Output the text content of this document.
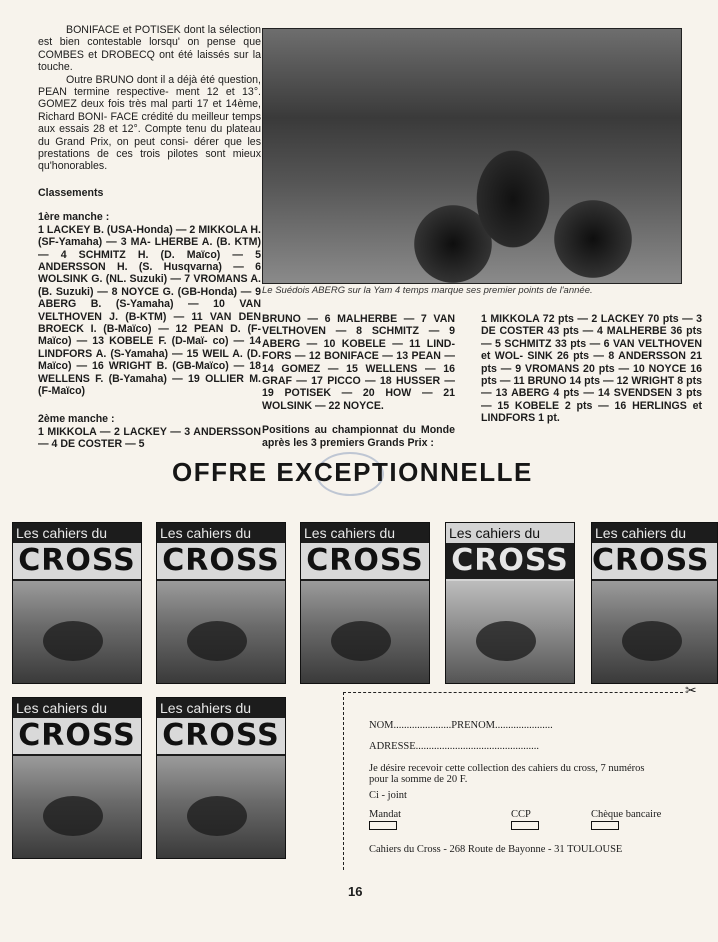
BONIFACE et POTISEK dont la sélection est bien contestable lorsqu' on pense que COMBES et DROBECQ ont été laissés sur la touche.

Outre BRUNO dont il a déjà été question, PEAN termine respective- ment 12 et 13°. GOMEZ deux fois très mal parti 17 et 14ème, Richard BONI- FACE crédité du meilleur temps aux essais 28 et 12°. Compte tenu du plateau du Grand Prix, on peut consi- dérer que les prestations de ces trois pilotes sont mieux qu'honorables.

Classements

1ère manche :

1 LACKEY B. (USA-Honda) — 2 MIKKOLA H. (SF-Yamaha) — 3 MA- LHERBE A. (B. KTM) — 4 SCHMITZ H. (D. Maïco) — 5 ANDERSSON H. (S. Husqvarna) — 6 WOLSINK G. (NL. Suzuki) — 7 VROMANS A. (B. Suzuki) — 8 NOYCE G. (GB-Honda) — 9 ABERG B. (S-Yamaha) — 10 VAN VELTHOVEN J. (B-KTM) — 11 VAN DEN BROECK I. (B-Maïco) — 12 PEAN D. (F-Maïco) — 13 KOBELE F. (D-Maï- co) — 14 LINDFORS A. (S-Yamaha) — 15 WEIL A. (D. Maïco) — 16 WRIGHT B. (GB-Maïco) — 18 WELLENS F. (B-Yamaha) — 19 OLLIER M. (F-Maïco)

2ème manche :

1 MIKKOLA — 2 LACKEY — 3 ANDERSSON — 4 DE COSTER — 5

Le Suédois ABERG sur la Yam 4 temps marque ses premier points de l'année.

BRUNO — 6 MALHERBE — 7 VAN VELTHOVEN — 8 SCHMITZ — 9 ABERG — 10 KOBELE — 11 LIND- FORS — 12 BONIFACE — 13 PEAN — 14 GOMEZ — 15 WELLENS — 16 GRAF — 17 PICCO — 18 HUSSER — 19 POTISEK — 20 HOW — 21 WOLSINK — 22 NOYCE.

Positions au championnat du Monde après les 3 premiers Grands Prix :

1 MIKKOLA 72 pts — 2 LACKEY 70 pts — 3 DE COSTER 43 pts — 4 MALHERBE 36 pts — 5 SCHMITZ 33 pts — 6 VAN VELTHOVEN et WOL- SINK 26 pts — 8 ANDERSSON 21 pts — 9 VROMANS 20 pts — 10 NOYCE 16 pts — 11 BRUNO 14 pts — 12 WRIGHT 8 pts — 13 ABERG 4 pts — 14 SVENDSEN 3 pts — 15 KOBELE 2 pts — 16 HERLINGS et LINDFORS 1 pt.

OFFRE EXCEPTIONNELLE
Les cahiers du
CROSS
Les cahiers du
CROSS
Les cahiers du
CROSS
Les cahiers du
CROSS
Les cahiers du
CROSS
Les cahiers du
CROSS
Les cahiers du
CROSS
✂
NOM......................PRENOM......................
ADRESSE...............................................
Je désire recevoir cette collection des cahiers du cross, 7 numéros
pour la somme de 20 F.
Ci - joint
Mandat	CCP	Chèque bancaire
Cahiers du Cross - 268 Route de Bayonne - 31 TOULOUSE
16
